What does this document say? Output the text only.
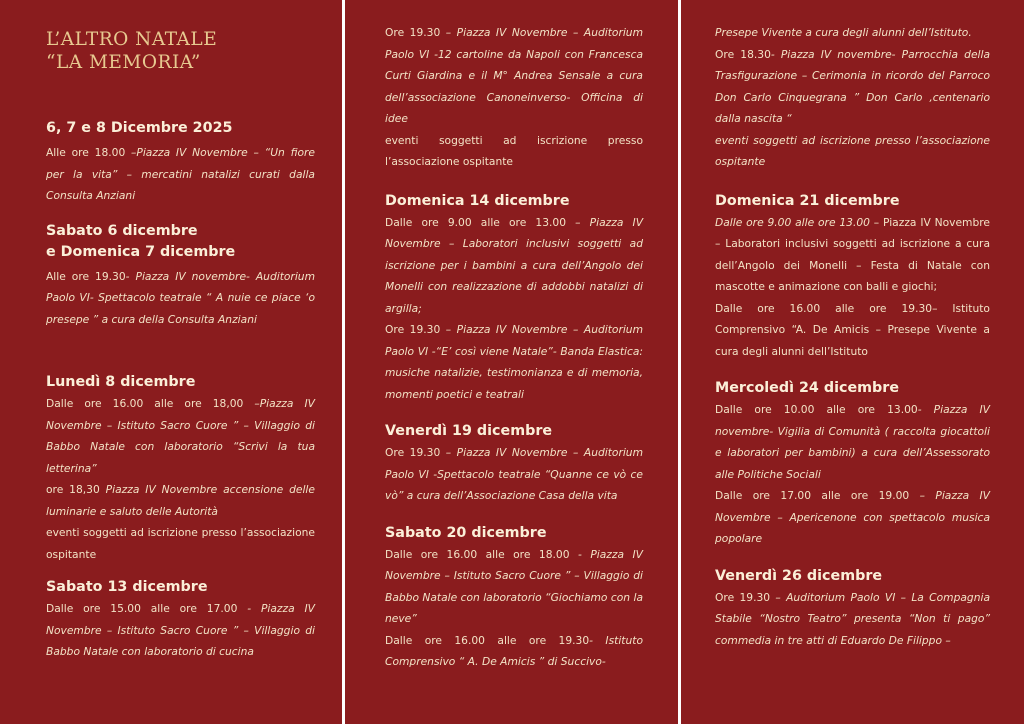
L’ALTRO NATALE
“LA MEMORIA”
6, 7 e 8 Dicembre 2025
Alle ore 18.00 –Piazza IV Novembre – “Un fiore per la vita” – mercatini natalizi curati dalla Consulta Anziani
Sabato 6 dicembre
e Domenica 7 dicembre
Alle ore 19.30- Piazza IV novembre- Auditorium Paolo VI- Spettacolo teatrale “ A nuie ce piace ‘o presepe ” a cura della Consulta Anziani
Lunedì 8 dicembre
Dalle ore 16.00 alle ore 18,00 –Piazza IV Novembre – Istituto Sacro Cuore ” – Villaggio di Babbo Natale con laboratorio “Scrivi la tua letterina”
ore 18,30 Piazza IV Novembre accensione delle luminarie e saluto delle Autorità
eventi soggetti ad iscrizione presso l’associazione ospitante
Sabato 13 dicembre
Dalle ore 15.00 alle ore 17.00 - Piazza IV Novembre – Istituto Sacro Cuore ” – Villaggio di Babbo Natale con laboratorio di cucina
Ore 19.30 – Piazza IV Novembre – Auditorium Paolo VI -12 cartoline da Napoli con Francesca Curti Giardina e il M° Andrea Sensale a cura dell’associazione Canoneinverso- Officina di idee
eventi soggetti ad iscrizione presso l’associazione ospitante
Domenica 14 dicembre
Dalle ore 9.00 alle ore 13.00 – Piazza IV Novembre – Laboratori inclusivi soggetti ad iscrizione per i bambini a cura dell’Angolo dei Monelli con realizzazione di addobbi natalizi di argilla;
Ore 19.30 – Piazza IV Novembre – Auditorium Paolo VI -“E’ così viene Natale”- Banda Elastica: musiche natalizie, testimonianza e di memoria, momenti poetici e teatrali
Venerdì 19 dicembre
Ore 19.30 – Piazza IV Novembre – Auditorium Paolo VI -Spettacolo teatrale “Quanne ce vò ce vò” a cura dell’Associazione Casa della vita
Sabato 20 dicembre
Dalle ore 16.00 alle ore 18.00 - Piazza IV Novembre – Istituto Sacro Cuore ” – Villaggio di Babbo Natale con laboratorio “Giochiamo con la neve”
Dalle ore 16.00 alle ore 19.30- Istituto Comprensivo “ A. De Amicis ” di Succivo-
Presepe Vivente a cura degli alunni dell’Istituto.
Ore 18.30- Piazza IV novembre- Parrocchia della Trasfigurazione – Cerimonia in ricordo del Parroco Don Carlo Cinquegrana ” Don Carlo ,centenario dalla nascita “
eventi soggetti ad iscrizione presso l’associazione ospitante
Domenica 21 dicembre
Dalle ore 9.00 alle ore 13.00 – Piazza IV Novembre – Laboratori inclusivi soggetti ad iscrizione a cura dell’Angolo dei Monelli – Festa di Natale con mascotte e animazione con balli e giochi;
Dalle ore 16.00 alle ore 19.30– Istituto Comprensivo “A. De Amicis – Presepe Vivente a cura degli alunni dell’Istituto
Mercoledì 24 dicembre
Dalle ore 10.00 alle ore 13.00- Piazza IV novembre- Vigilia di Comunità ( raccolta giocattoli e laboratori per bambini) a cura dell’Assessorato alle Politiche Sociali
Dalle ore 17.00 alle ore 19.00 – Piazza IV Novembre – Apericenone con spettacolo musica popolare
Venerdì 26 dicembre
Ore 19.30 – Auditorium Paolo VI – La Compagnia Stabile “Nostro Teatro” presenta “Non ti pago” commedia in tre atti di Eduardo De Filippo –
